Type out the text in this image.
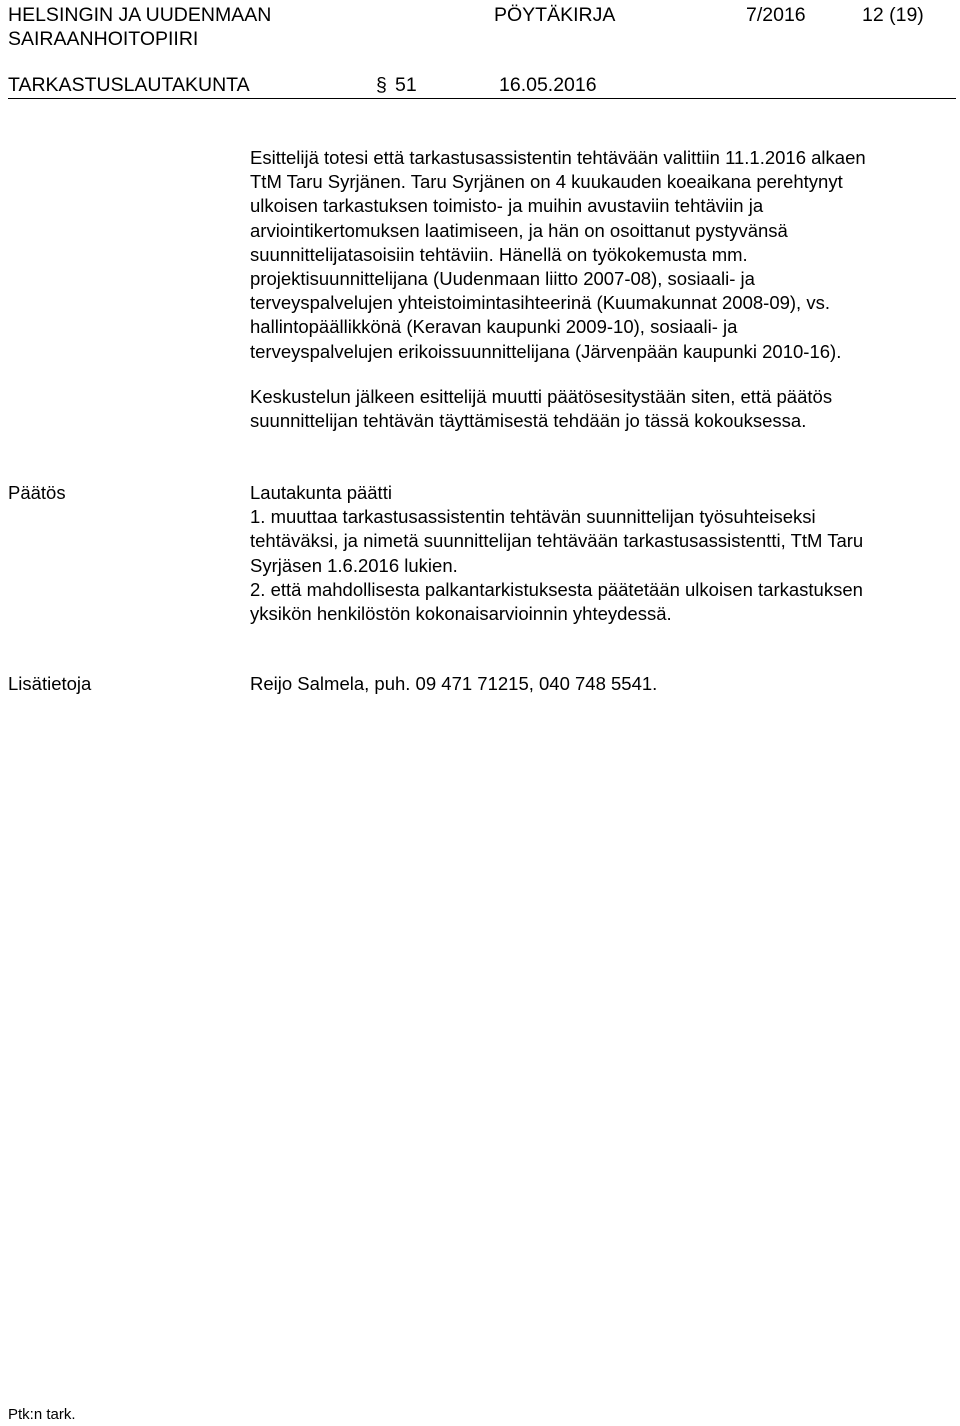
HELSINGIN JA UUDENMAAN
SAIRAANHOITOPIIRI
PÖYTÄKIRJA	7/2016	12 (19)
TARKASTUSLAUTAKUNTA	§ 51	16.05.2016
Esittelijä totesi että tarkastusassistentin tehtävään valittiin 11.1.2016 alkaen
TtM Taru Syrjänen. Taru Syrjänen on 4 kuukauden koeaikana perehtynyt
ulkoisen tarkastuksen toimisto- ja muihin avustaviin tehtäviin ja
arviointikertomuksen laatimiseen, ja hän on osoittanut pystyvänsä
suunnittelijatasoisiin tehtäviin. Hänellä on työkokemusta mm.
projektisuunnittelijana (Uudenmaan liitto 2007-08), sosiaali- ja
terveyspalvelujen yhteistoimintasihteerinä (Kuumakunnat 2008-09), vs.
hallintopäällikkönä (Keravan kaupunki 2009-10), sosiaali- ja
terveyspalvelujen erikoissuunnittelijana (Järvenpään kaupunki 2010-16).
Keskustelun jälkeen esittelijä muutti päätösesitystään siten, että päätös
suunnittelijan tehtävän täyttämisestä tehdään jo tässä kokouksessa.
Päätös	Lautakunta päätti
1. muuttaa tarkastusassistentin tehtävän suunnittelijan työsuhteiseksi
tehtäväksi, ja nimetä suunnittelijan tehtävään tarkastusassistentti, TtM Taru
Syrjäsen 1.6.2016 lukien.
2. että mahdollisesta palkantarkistuksesta päätetään ulkoisen tarkastuksen
yksikön henkilöstön kokonaisarvioinnin yhteydessä.
Lisätietoja	Reijo Salmela, puh. 09 471 71215, 040 748 5541.
Ptk:n tark.
